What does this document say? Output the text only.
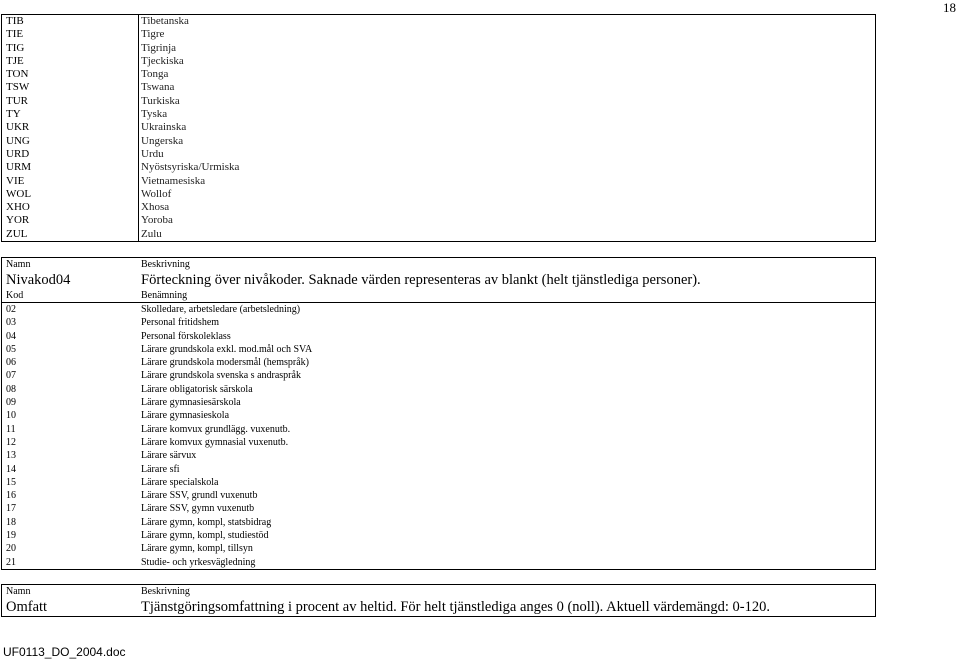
18
TIB	Tibetanska
TIE	Tigre
TIG	Tigrinja
TJE	Tjeckiska
TON	Tonga
TSW	Tswana
TUR	Turkiska
TY	Tyska
UKR	Ukrainska
UNG	Ungerska
URD	Urdu
URM	Nyöstsyriska/Urmiska
VIE	Vietnamesiska
WOL	Wollof
XHO	Xhosa
YOR	Yoroba
ZUL	Zulu
Namn	Beskrivning
Nivakod04	Förteckning över nivåkoder. Saknade värden representeras av blankt (helt tjänstlediga personer).
Kod	Benämning
02	Skolledare, arbetsledare (arbetsledning)
03	Personal fritidshem
04	Personal förskoleklass
05	Lärare grundskola exkl. mod.mål och SVA
06	Lärare grundskola modersmål (hemspråk)
07	Lärare grundskola svenska s andraspråk
08	Lärare obligatorisk särskola
09	Lärare gymnasiesärskola
10	Lärare gymnasieskola
11	Lärare komvux grundlägg. vuxenutb.
12	Lärare komvux gymnasial vuxenutb.
13	Lärare särvux
14	Lärare sfi
15	Lärare specialskola
16	Lärare SSV, grundl vuxenutb
17	Lärare SSV, gymn vuxenutb
18	Lärare gymn, kompl, statsbidrag
19	Lärare gymn, kompl, studiestöd
20	Lärare gymn, kompl, tillsyn
21	Studie- och yrkesvägledning
Namn	Beskrivning
Omfatt	Tjänstgöringsomfattning i procent av heltid. För helt tjänstlediga anges 0 (noll). Aktuell värdemängd: 0-120.
UF0113_DO_2004.doc
